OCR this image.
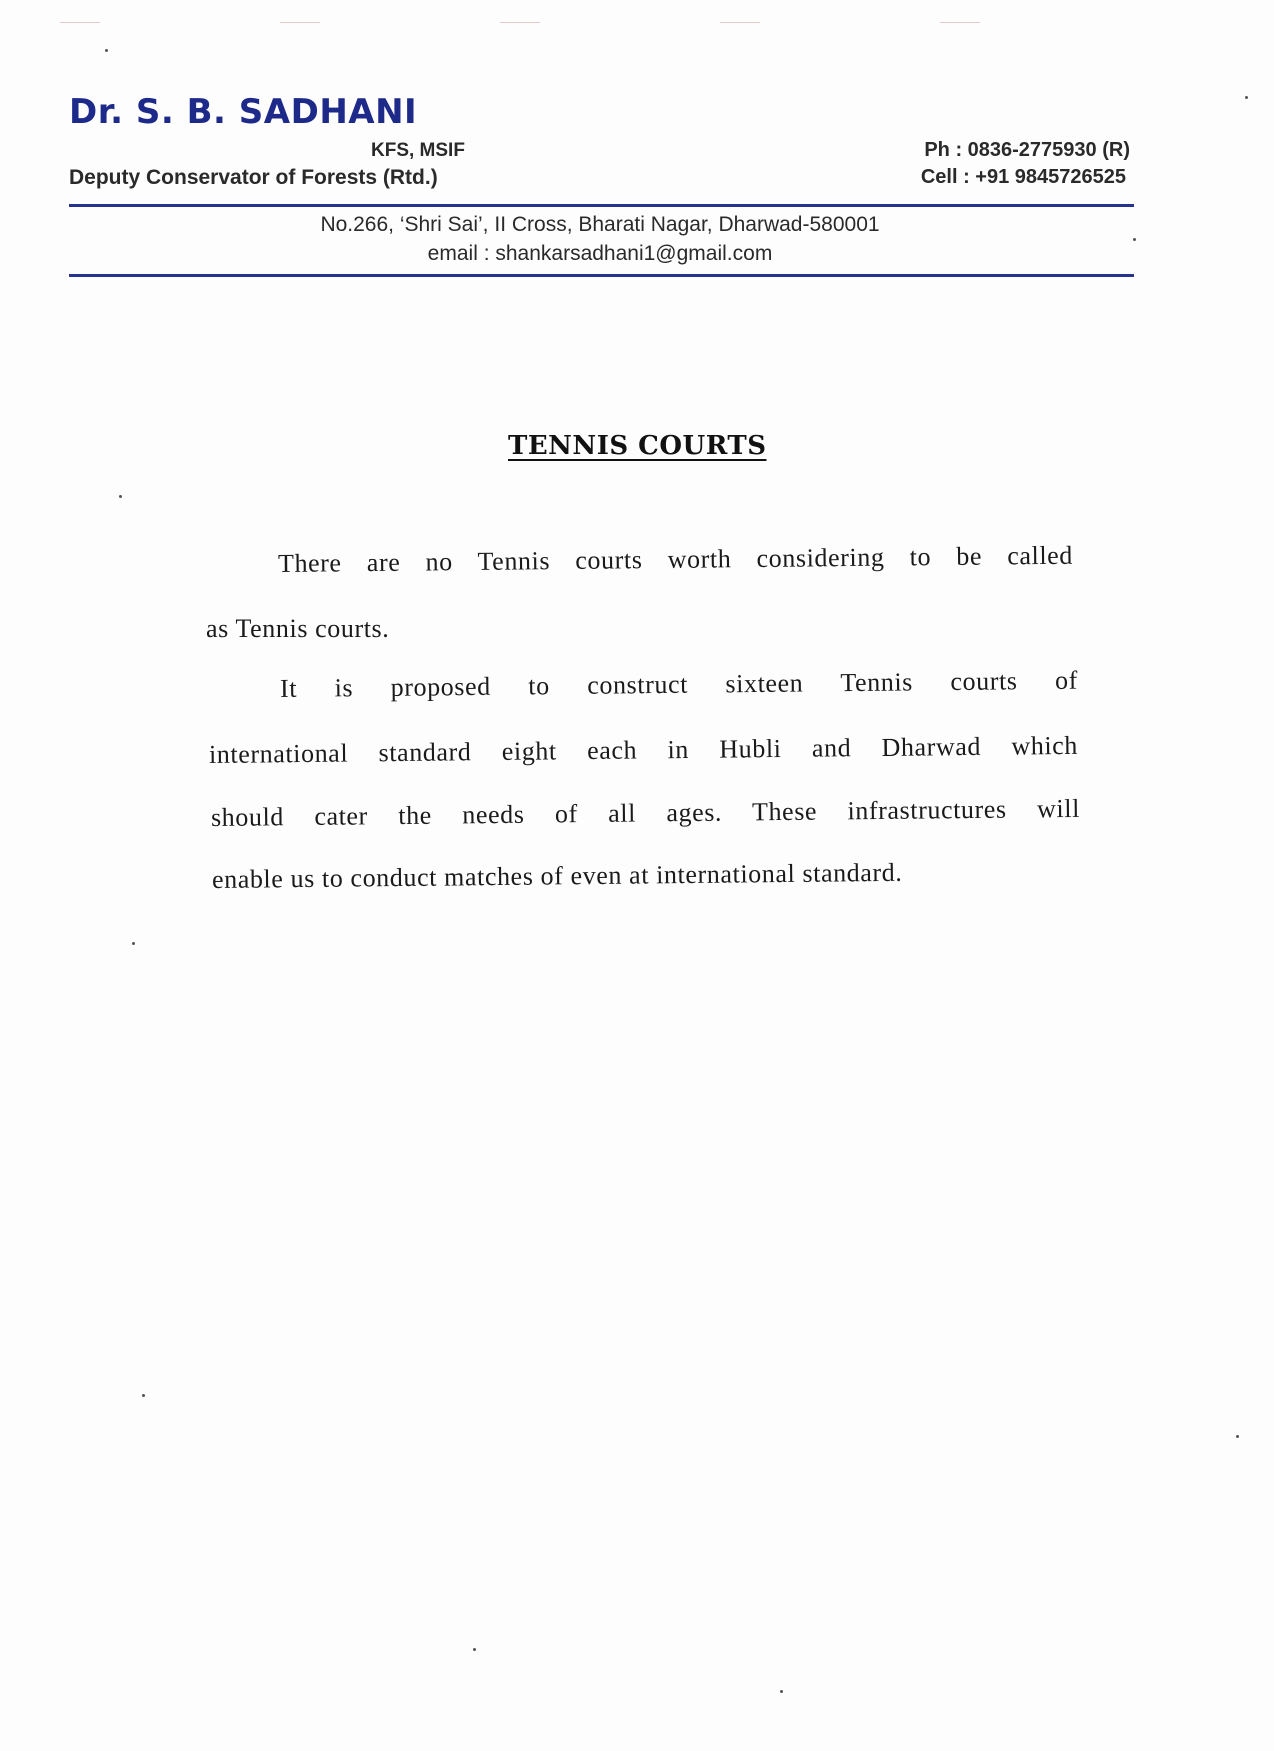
Dr. S. B. SADHANI
KFS, MSIF
Deputy Conservator of Forests (Rtd.)
Ph : 0836-2775930 (R)
Cell : +91 9845726525
No.266, ‘Shri Sai’, II Cross, Bharati Nagar, Dharwad-580001
email : shankarsadhani1@gmail.com
TENNIS COURTS
There are no Tennis courts worth considering to be called
as Tennis courts.
It is proposed to construct sixteen Tennis courts of
international standard eight each in Hubli and Dharwad which
should cater the needs of all ages. These infrastructures will
enable us to conduct matches of even at international standard.
